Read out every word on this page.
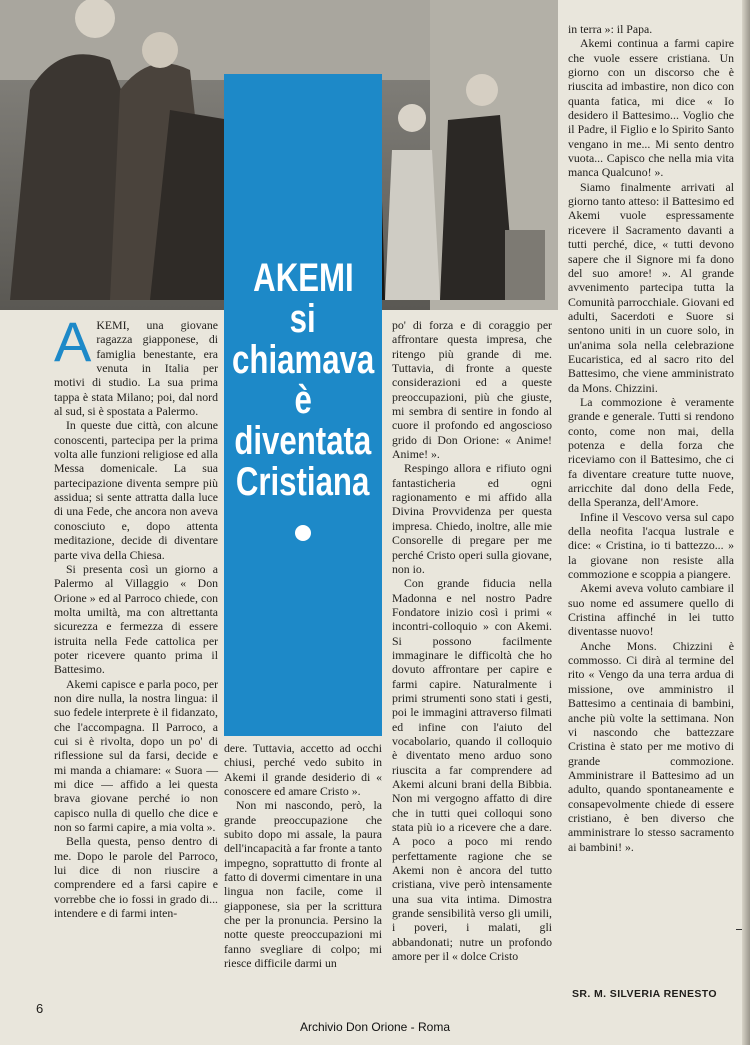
AKEMI
si
chiamava
è
diventata
Cristiana

AKEMI, una giovane ragazza giapponese, di famiglia benestante, era venuta in Italia per motivi di studio. La sua prima tappa è stata Milano; poi, dal nord al sud, si è spostata a Palermo.

In queste due città, con alcune conoscenti, partecipa per la prima volta alle funzioni religiose ed alla Messa domenicale. La sua partecipazione diventa sempre più assidua; si sente attratta dalla luce di una Fede, che ancora non aveva conosciuto e, dopo attenta meditazione, decide di diventare parte viva della Chiesa.

Si presenta così un giorno a Palermo al Villaggio « Don Orione » ed al Parroco chiede, con molta umiltà, ma con altrettanta sicurezza e fermezza di essere istruita nella Fede cattolica per poter ricevere quanto prima il Battesimo.

Akemi capisce e parla poco, per non dire nulla, la nostra lingua: il suo fedele interprete è il fidanzato, che l'accompagna. Il Parroco, a cui si è rivolta, dopo un po' di riflessione sul da farsi, decide e mi manda a chiamare: « Suora — mi dice — affido a lei questa brava giovane perché io non capisco nulla di quello che dice e non so farmi capire, a mia volta ».

Bella questa, penso dentro di me. Dopo le parole del Parroco, lui dice di non riuscire a comprendere ed a farsi capire e vorrebbe che io fossi in grado di... intendere e di farmi inten-

dere. Tuttavia, accetto ad occhi chiusi, perché vedo subito in Akemi il grande desiderio di « conoscere ed amare Cristo ».

Non mi nascondo, però, la grande preoccupazione che subito dopo mi assale, la paura dell'incapacità a far fronte a tanto impegno, soprattutto di fronte al fatto di dovermi cimentare in una lingua non facile, come il giapponese, sia per la scrittura che per la pronuncia. Persino la notte queste preoccupazioni mi fanno svegliare di colpo; mi riesce difficile darmi un

po' di forza e di coraggio per affrontare questa impresa, che ritengo più grande di me. Tuttavia, di fronte a queste considerazioni ed a queste preoccupazioni, più che giuste, mi sembra di sentire in fondo al cuore il profondo ed angoscioso grido di Don Orione: « Anime! Anime! ».

Respingo allora e rifiuto ogni fantasticheria ed ogni ragionamento e mi affido alla Divina Provvidenza per questa impresa. Chiedo, inoltre, alle mie Consorelle di pregare per me perché Cristo operi sulla giovane, non io.

Con grande fiducia nella Madonna e nel nostro Padre Fondatore inizio così i primi « incontri-colloquio » con Akemi. Si possono facilmente immaginare le difficoltà che ho dovuto affrontare per capire e farmi capire. Naturalmente i primi strumenti sono stati i gesti, poi le immagini attraverso filmati ed infine con l'aiuto del vocabolario, quando il colloquio è diventato meno arduo sono riuscita a far comprendere ad Akemi alcuni brani della Bibbia. Non mi vergogno affatto di dire che in tutti quei colloqui sono stata più io a ricevere che a dare. A poco a poco mi rendo perfettamente ragione che se Akemi non è ancora del tutto cristiana, vive però intensamente una sua vita intima. Dimostra grande sensibilità verso gli umili, i poveri, i malati, gli abbandonati; nutre un profondo amore per il « dolce Cristo

in terra »: il Papa.

Akemi continua a farmi capire che vuole essere cristiana. Un giorno con un discorso che è riuscita ad imbastire, non dico con quanta fatica, mi dice « Io desidero il Battesimo... Voglio che il Padre, il Figlio e lo Spirito Santo vengano in me... Mi sento dentro vuota... Capisco che nella mia vita manca Qualcuno! ».

Siamo finalmente arrivati al giorno tanto atteso: il Battesimo ed Akemi vuole espressamente ricevere il Sacramento davanti a tutti perché, dice, « tutti devono sapere che il Signore mi fa dono del suo amore! ». Al grande avvenimento partecipa tutta la Comunità parrocchiale. Giovani ed adulti, Sacerdoti e Suore si sentono uniti in un cuore solo, in un'anima sola nella celebrazione Eucaristica, ed al sacro rito del Battesimo, che viene amministrato da Mons. Chizzini.

La commozione è veramente grande e generale. Tutti si rendono conto, come non mai, della potenza e della forza che riceviamo con il Battesimo, che ci fa diventare creature tutte nuove, arricchite dal dono della Fede, della Speranza, dell'Amore.

Infine il Vescovo versa sul capo della neofita l'acqua lustrale e dice: « Cristina, io ti battezzo... » la giovane non resiste alla commozione e scoppia a piangere.

Akemi aveva voluto cambiare il suo nome ed assumere quello di Cristina affinché in lei tutto diventasse nuovo!

Anche Mons. Chizzini è commosso. Ci dirà al termine del rito « Vengo da una terra ardua di missione, ove amministro il Battesimo a centinaia di bambini, anche più volte la settimana. Non vi nascondo che battezzare Cristina è stato per me motivo di grande commozione. Amministrare il Battesimo ad un adulto, quando spontaneamente e consapevolmente chiede di essere cristiano, è ben diverso che amministrare lo stesso sacramento ai bambini! ».

SR. M. SILVERIA RENESTO
6
Archivio Don Orione - Roma
